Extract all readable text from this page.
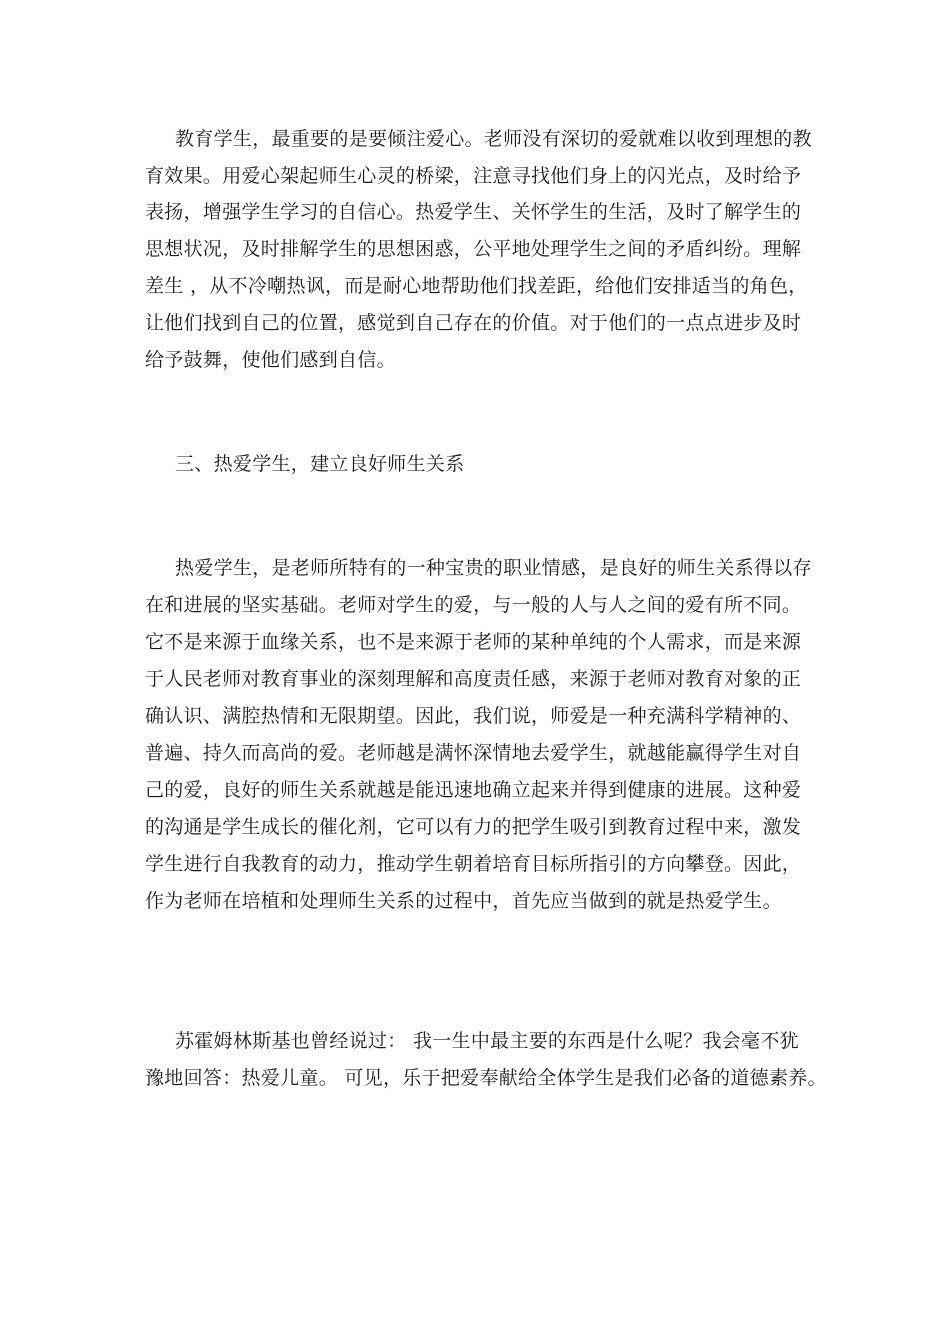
教育学生，最重要的是要倾注爱心。老师没有深切的爱就难以收到理想的教

育效果。用爱心架起师生心灵的桥梁，注意寻找他们身上的闪光点，及时给予

表扬，增强学生学习的自信心。热爱学生、关怀学生的生活，及时了解学生的

思想状况，及时排解学生的思想困惑，公平地处理学生之间的矛盾纠纷。理解

差生 ，从不冷嘲热讽，而是耐心地帮助他们找差距，给他们安排适当的角色，

让他们找到自己的位置，感觉到自己存在的价值。对于他们的一点点进步及时

给予鼓舞，使他们感到自信。

三、热爱学生，建立良好师生关系

热爱学生，是老师所特有的一种宝贵的职业情感，是良好的师生关系得以存

在和进展的坚实基础。老师对学生的爱，与一般的人与人之间的爱有所不同。

它不是来源于血缘关系，也不是来源于老师的某种单纯的个人需求，而是来源

于人民老师对教育事业的深刻理解和高度责任感，来源于老师对教育对象的正

确认识、满腔热情和无限期望。因此，我们说，师爱是一种充满科学精神的、

普遍、持久而高尚的爱。老师越是满怀深情地去爱学生，就越能赢得学生对自

己的爱，良好的师生关系就越是能迅速地确立起来并得到健康的进展。这种爱

的沟通是学生成长的催化剂，它可以有力的把学生吸引到教育过程中来，激发

学生进行自我教育的动力，推动学生朝着培育目标所指引的方向攀登。因此，

作为老师在培植和处理师生关系的过程中，首先应当做到的就是热爱学生。

苏霍姆林斯基也曾经说过： 我一生中最主要的东西是什么呢？我会毫不犹

豫地回答：热爱儿童。 可见，乐于把爱奉献给全体学生是我们必备的道德素养。
